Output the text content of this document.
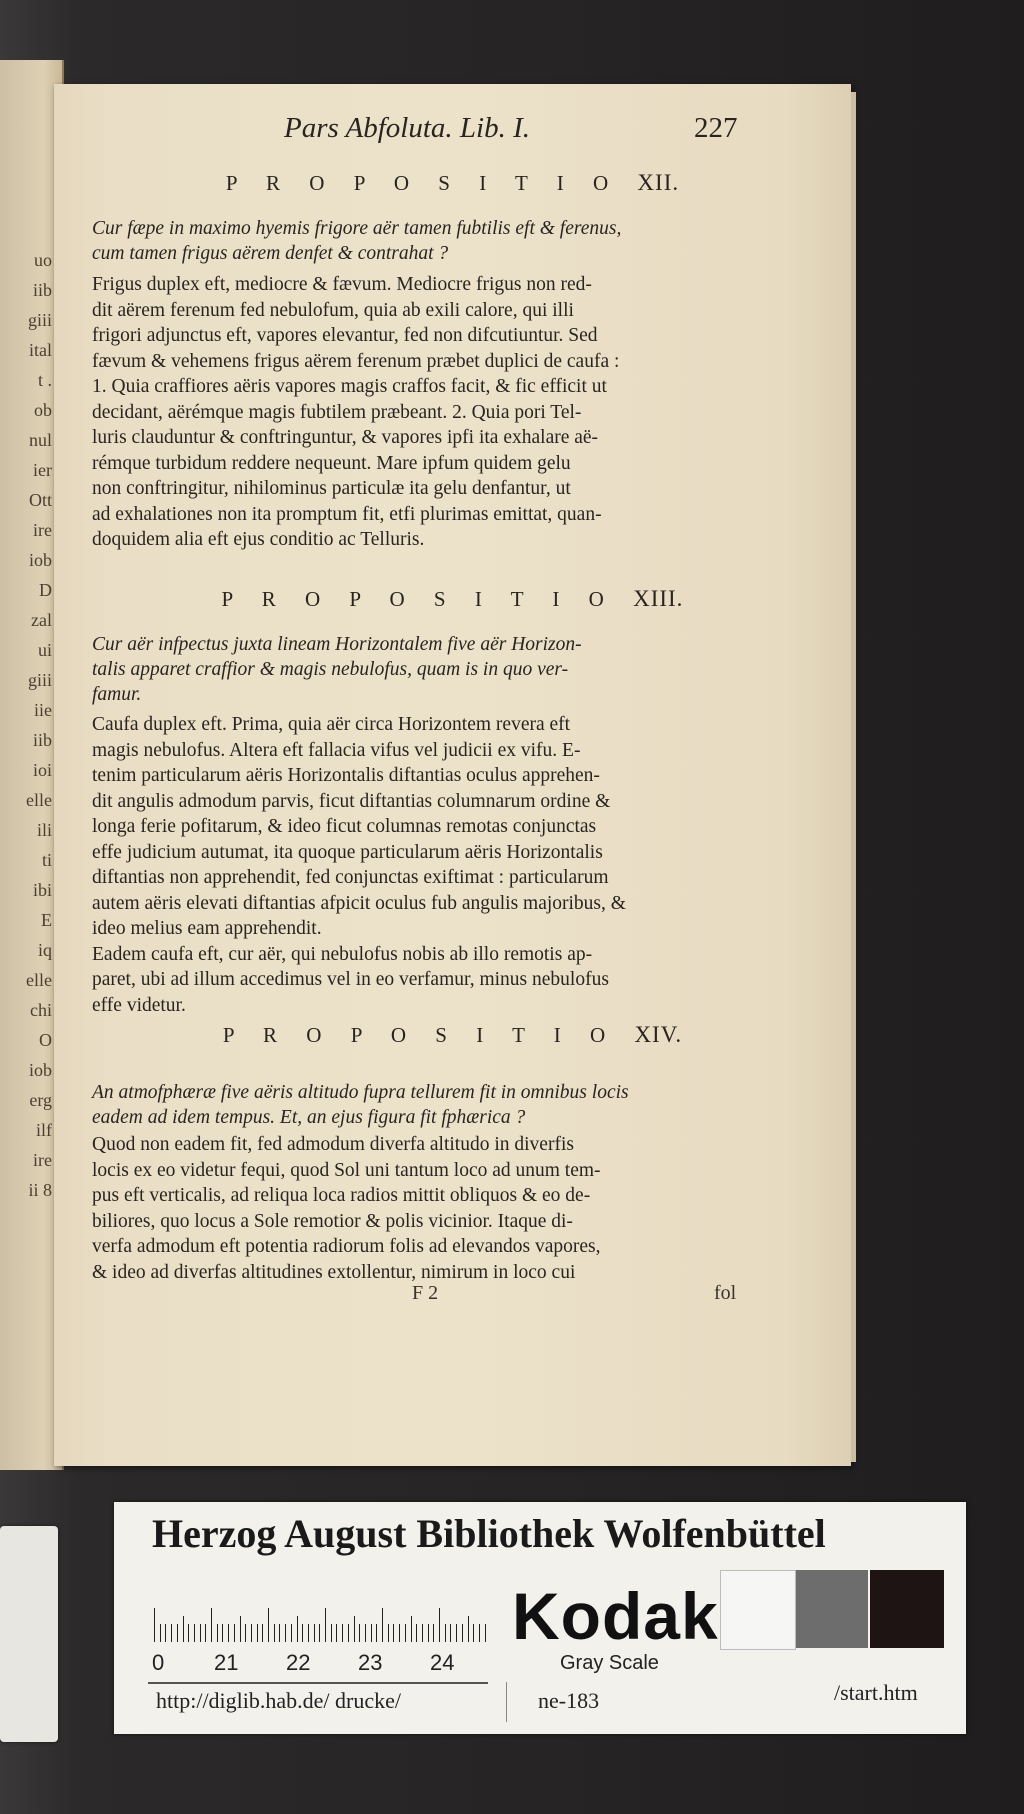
uo
iib
giii
ital
t .
ob
nul
ier
Ott
ire
iob
D
zal
ui
giii
iie
iib
ioi
elle
ili
ti
ibi
E
iq
elle
chi
O
iob
erg
ilf
ire
ii 8
Pars Abfoluta. Lib. I.	227
P R O P O S I T I O XII.
Cur fæpe in maximo hyemis frigore aër tamen fubtilis eft & ferenus,
cum tamen frigus aërem denfet & contrahat ?
Frigus duplex eft, mediocre & fævum. Mediocre frigus non red-
dit aërem ferenum fed nebulofum, quia ab exili calore, qui illi
frigori adjunctus eft, vapores elevantur, fed non difcutiuntur. Sed
fævum & vehemens frigus aërem ferenum præbet duplici de caufa :
1. Quia craffiores aëris vapores magis craffos facit, & fic efficit ut
decidant, aërémque magis fubtilem præbeant. 2. Quia pori Tel-
luris clauduntur & conftringuntur, & vapores ipfi ita exhalare aë-
rémque turbidum reddere nequeunt. Mare ipfum quidem gelu
non conftringitur, nihilominus particulæ ita gelu denfantur, ut
ad exhalationes non ita promptum fit, etfi plurimas emittat, quan-
doquidem alia eft ejus conditio ac Telluris.
P R O P O S I T I O XIII.
Cur aër infpectus juxta lineam Horizontalem five aër Horizon-
talis apparet craffior & magis nebulofus, quam is in quo ver-
famur.
Caufa duplex eft. Prima, quia aër circa Horizontem revera eft
magis nebulofus. Altera eft fallacia vifus vel judicii ex vifu. E-
tenim particularum aëris Horizontalis diftantias oculus apprehen-
dit angulis admodum parvis, ficut diftantias columnarum ordine &
longa ferie pofitarum, & ideo ficut columnas remotas conjunctas
effe judicium autumat, ita quoque particularum aëris Horizontalis
diftantias non apprehendit, fed conjunctas exiftimat : particularum
autem aëris elevati diftantias afpicit oculus fub angulis majoribus, &
ideo melius eam apprehendit.
Eadem caufa eft, cur aër, qui nebulofus nobis ab illo remotis ap-
paret, ubi ad illum accedimus vel in eo verfamur, minus nebulofus
effe videtur.
P R O P O S I T I O XIV.
An atmofphæræ five aëris altitudo fupra tellurem fit in omnibus locis
eadem ad idem tempus. Et, an ejus figura fit fphærica ?
Quod non eadem fit, fed admodum diverfa altitudo in diverfis
locis ex eo videtur fequi, quod Sol uni tantum loco ad unum tem-
pus eft verticalis, ad reliqua loca radios mittit obliquos & eo de-
biliores, quo locus a Sole remotior & polis vicinior. Itaque di-
verfa admodum eft potentia radiorum folis ad elevandos vapores,
& ideo ad diverfas altitudines extollentur, nimirum in loco cui
F 2	fol
Herzog August Bibliothek Wolfenbüttel
0 21 22 23 24
Kodak
Gray Scale
http://diglib.hab.de/ drucke/	ne-183	/start.htm
